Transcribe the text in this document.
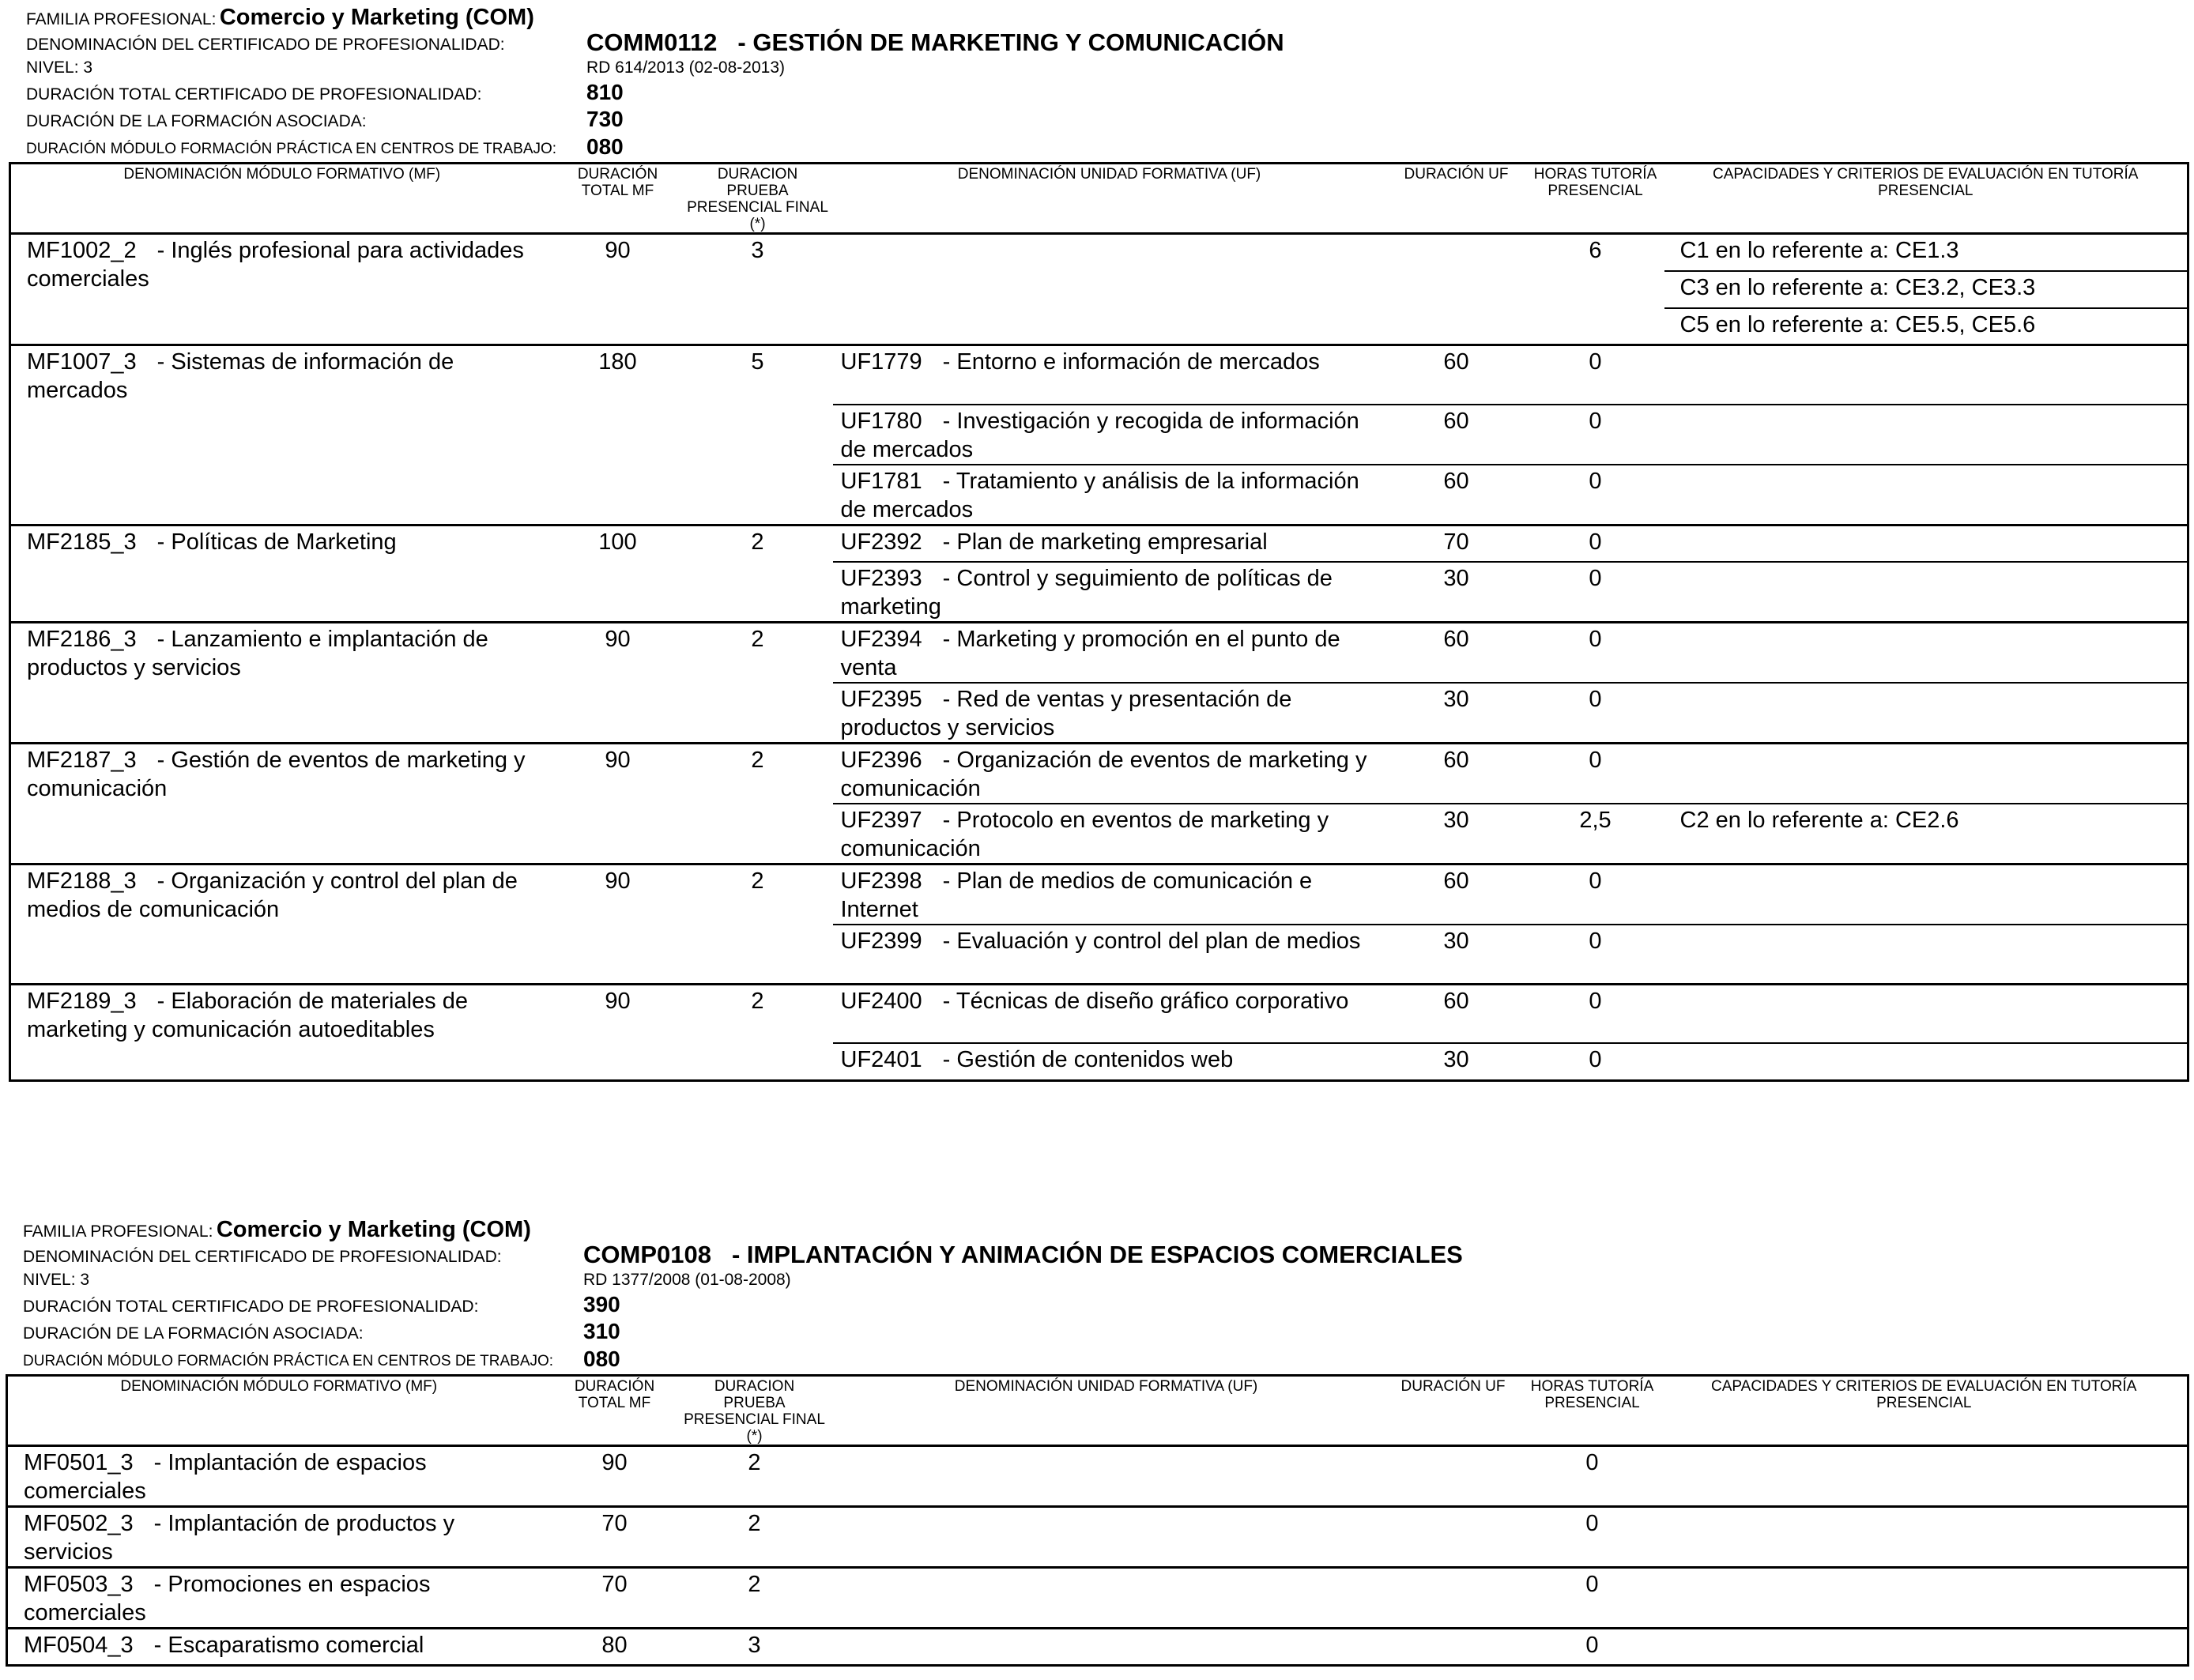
FAMILIA PROFESIONAL: Comercio y Marketing (COM)
DENOMINACIÓN DEL CERTIFICADO DE PROFESIONALIDAD:	COMM0112 - GESTIÓN DE MARKETING Y COMUNICACIÓN
NIVEL: 3	RD 614/2013 (02-08-2013)
DURACIÓN TOTAL CERTIFICADO DE PROFESIONALIDAD:	810
DURACIÓN DE LA FORMACIÓN ASOCIADA:	730
DURACIÓN MÓDULO FORMACIÓN PRÁCTICA EN CENTROS DE TRABAJO: 080
DENOMINACIÓN MÓDULO FORMATIVO (MF)	DURACIÓN TOTAL MF	DURACION PRUEBA PRESENCIAL FINAL (*)	DENOMINACIÓN UNIDAD FORMATIVA (UF)	DURACIÓN UF	HORAS TUTORÍA PRESENCIAL	CAPACIDADES Y CRITERIOS DE EVALUACIÓN EN TUTORÍA PRESENCIAL
MF1002_2 - Inglés profesional para actividades comerciales	90	3			6	C1 en lo referente a: CE1.3
						C3 en lo referente a: CE3.2, CE3.3
						C5 en lo referente a: CE5.5, CE5.6
MF1007_3 - Sistemas de información de mercados	180	5	UF1779 - Entorno e información de mercados	60	0	
			UF1780 - Investigación y recogida de información de mercados	60	0	
			UF1781 - Tratamiento y análisis de la información de mercados	60	0	
MF2185_3 - Políticas de Marketing	100	2	UF2392 - Plan de marketing empresarial	70	0	
			UF2393 - Control y seguimiento de políticas de marketing	30	0	
MF2186_3 - Lanzamiento e implantación de productos y servicios	90	2	UF2394 - Marketing y promoción en el punto de venta	60	0	
			UF2395 - Red de ventas y presentación de productos y servicios	30	0	
MF2187_3 - Gestión de eventos de marketing y comunicación	90	2	UF2396 - Organización de eventos de marketing y comunicación	60	0	
			UF2397 - Protocolo en eventos de marketing y comunicación	30	2,5	C2 en lo referente a: CE2.6
MF2188_3 - Organización y control del plan de medios de comunicación	90	2	UF2398 - Plan de medios de comunicación e Internet	60	0	
			UF2399 - Evaluación y control del plan de medios	30	0	
MF2189_3 - Elaboración de materiales de marketing y comunicación autoeditables	90	2	UF2400 - Técnicas de diseño gráfico corporativo	60	0	
			UF2401 - Gestión de contenidos web	30	0	
FAMILIA PROFESIONAL: Comercio y Marketing (COM)
DENOMINACIÓN DEL CERTIFICADO DE PROFESIONALIDAD:	COMP0108 - IMPLANTACIÓN Y ANIMACIÓN DE ESPACIOS COMERCIALES
NIVEL: 3	RD 1377/2008 (01-08-2008)
DURACIÓN TOTAL CERTIFICADO DE PROFESIONALIDAD:	390
DURACIÓN DE LA FORMACIÓN ASOCIADA:	310
DURACIÓN MÓDULO FORMACIÓN PRÁCTICA EN CENTROS DE TRABAJO: 080
DENOMINACIÓN MÓDULO FORMATIVO (MF)	DURACIÓN TOTAL MF	DURACION PRUEBA PRESENCIAL FINAL (*)	DENOMINACIÓN UNIDAD FORMATIVA (UF)	DURACIÓN UF	HORAS TUTORÍA PRESENCIAL	CAPACIDADES Y CRITERIOS DE EVALUACIÓN EN TUTORÍA PRESENCIAL
MF0501_3 - Implantación de espacios comerciales	90	2			0	
MF0502_3 - Implantación de productos y servicios	70	2			0	
MF0503_3 - Promociones en espacios comerciales	70	2			0	
MF0504_3 - Escaparatismo comercial	80	3			0	
